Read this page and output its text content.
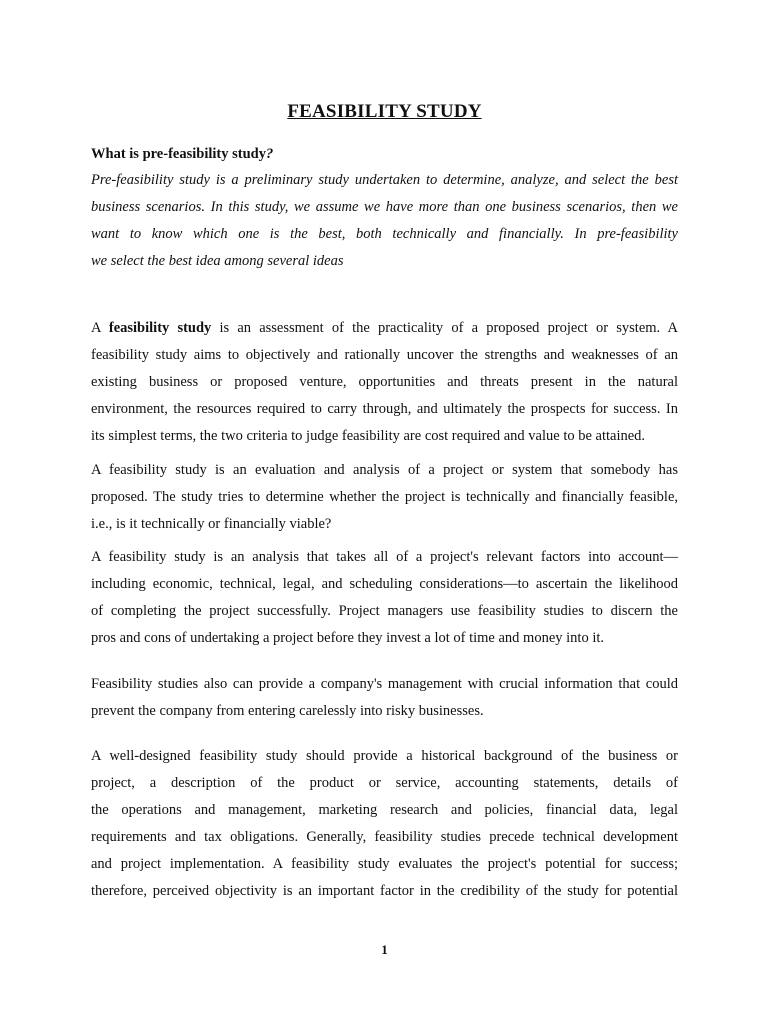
FEASIBILITY STUDY

What is pre-feasibility study?

Pre-feasibility study is a preliminary study undertaken to determine, analyze, and select the best
business scenarios. In this study, we assume we have more than one business scenarios, then we
want to know which one is the best, both technically and financially. In pre-feasibility
we select the best idea among several ideas

A feasibility study is an assessment of the practicality of a proposed project or system. A
feasibility study aims to objectively and rationally uncover the strengths and weaknesses of an
existing business or proposed venture, opportunities and threats present in the natural
environment, the resources required to carry through, and ultimately the prospects for success. In
its simplest terms, the two criteria to judge feasibility are cost required and value to be attained.

A feasibility study is an evaluation and analysis of a project or system that somebody has
proposed. The study tries to determine whether the project is technically and financially feasible,
i.e., is it technically or financially viable?

A feasibility study is an analysis that takes all of a project's relevant factors into account—
including economic, technical, legal, and scheduling considerations—to ascertain the likelihood
of completing the project successfully. Project managers use feasibility studies to discern the
pros and cons of undertaking a project before they invest a lot of time and money into it.

Feasibility studies also can provide a company's management with crucial information that could
prevent the company from entering carelessly into risky businesses.

A well-designed feasibility study should provide a historical background of the business or
project, a description of the product or service, accounting statements, details of
the operations and management, marketing research and policies, financial data, legal
requirements and tax obligations. Generally, feasibility studies precede technical development
and project implementation. A feasibility study evaluates the project's potential for success;
therefore, perceived objectivity is an important factor in the credibility of the study for potential

1
